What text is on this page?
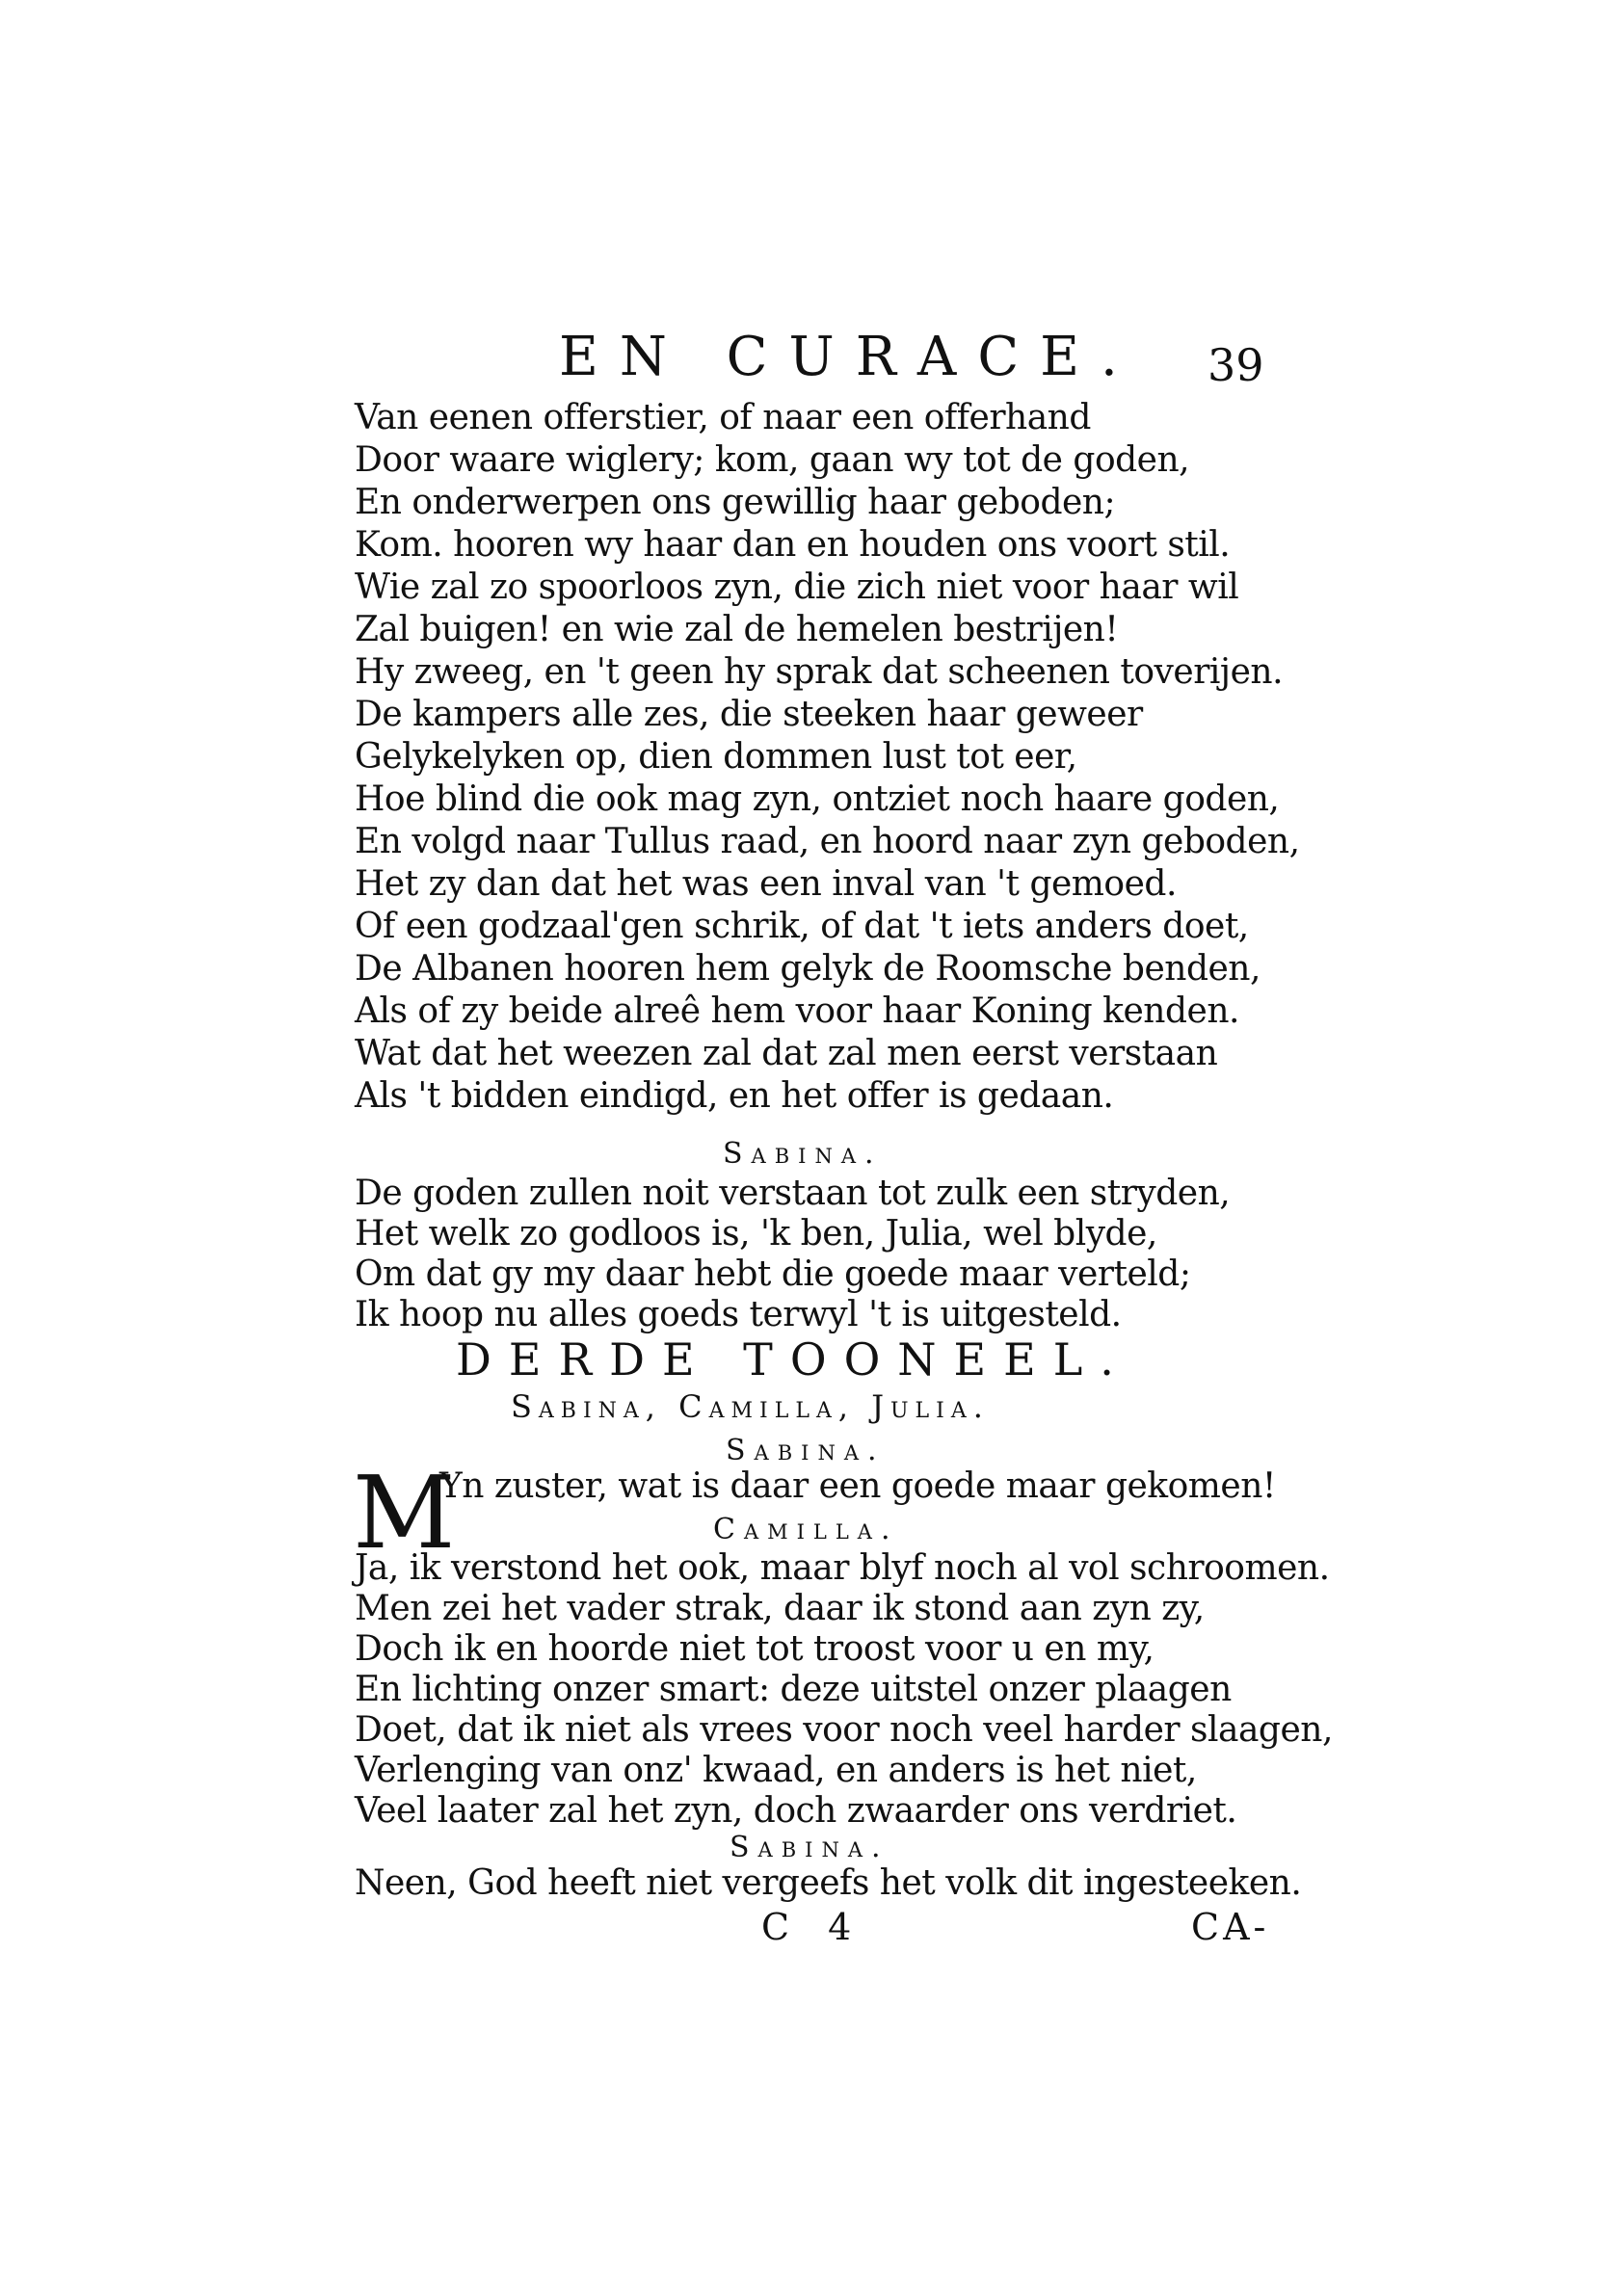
EN CURACE. 39
Van eenen offerstier, of naar een offerhand
Door waare wiglery; kom, gaan wy tot de goden,
En onderwerpen ons gewillig haar geboden;
Kom. hooren wy haar dan en houden ons voort stil.
Wie zal zo spoorloos zyn, die zich niet voor haar wil
Zal buigen! en wie zal de hemelen bestrijen!
Hy zweeg, en 't geen hy sprak dat scheenen toverijen.
De kampers alle zes, die steeken haar geweer
Gelykelyken op, dien dommen lust tot eer,
Hoe blind die ook mag zyn, ontziet noch haare goden,
En volgd naar Tullus raad, en hoord naar zyn geboden,
Het zy dan dat het was een inval van 't gemoed.
Of een godzaal'gen schrik, of dat 't iets anders doet,
De Albanen hooren hem gelyk de Roomsche benden,
Als of zy beide alreê hem voor haar Koning kenden.
Wat dat het weezen zal dat zal men eerst verstaan
Als 't bidden eindigd, en het offer is gedaan.
Sabina.
De goden zullen noit verstaan tot zulk een stryden,
Het welk zo godloos is, 'k ben, Julia, wel blyde,
Om dat gy my daar hebt die goede maar verteld;
DERDE TOONEEL.
Sabina, Camilla, Julia.
Sabina.
M
Yn zuster, wat is daar een goede maar gekomen!
Camilla.
Ja, ik verstond het ook, maar blyf noch al vol schroomen.
Men zei het vader strak, daar ik stond aan zyn zy,
Doch ik en hoorde niet tot troost voor u en my,
En lichting onzer smart: deze uitstel onzer plaagen
Doet, dat ik niet als vrees voor noch veel harder slaagen,
Verlenging van onz' kwaad, en anders is het niet,
Veel laater zal het zyn, doch zwaarder ons verdriet.
Sabina.
Neen, God heeft niet vergeefs het volk dit ingesteeken.
C 4	CA-
Ik hoop nu alles goeds terwyl 't is uitgesteld.
